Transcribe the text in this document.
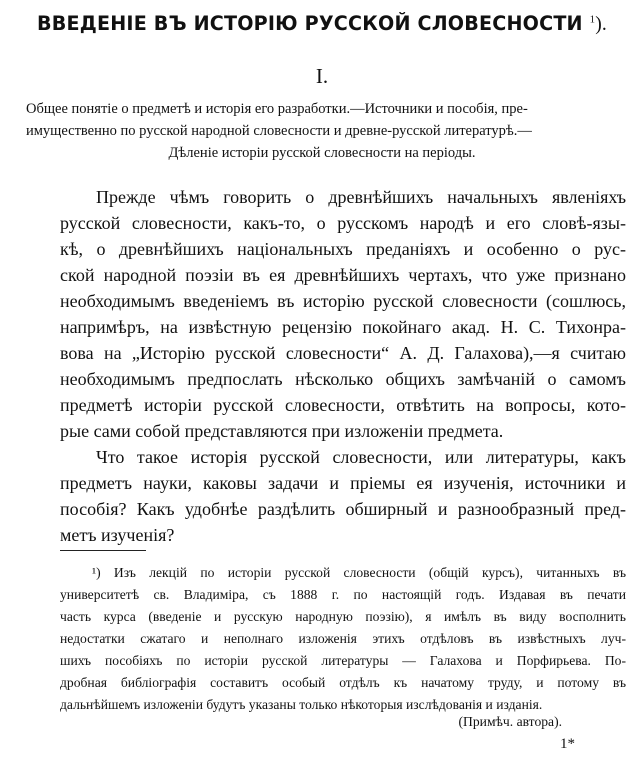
ВВЕДЕНІЕ ВЪ ИСТОРІЮ РУССКОЙ СЛОВЕСНОСТИ $^1$).
I.
Общее понятіе о предметѣ и исторія его разработки.—Источники и пособія, пре-
имущественно по русской народной словесности и древне-русской литературѣ.—
Дѣленіе исторіи русской словесности на періоды.
Прежде чѣмъ говорить о древнѣйшихъ начальныхъ явленіяхъ
русской словесности, какъ-то, о русскомъ народѣ и его словѣ-язы-
кѣ, о древнѣйшихъ національныхъ преданіяхъ и особенно о рус-
ской народной поэзіи въ ея древнѣйшихъ чертахъ, что уже признано
необходимымъ введеніемъ въ исторію русской словесности (сошлюсь,
напримѣръ, на извѣстную рецензію покойнаго акад. Н. С. Тихонра-
вова на „Исторію русской словесности“ А. Д. Галахова),—я считаю
необходимымъ предпослать нѣсколько общихъ замѣчаній о самомъ
предметѣ исторіи русской словесности, отвѣтить на вопросы, кото-
рые сами собой представляются при изложеніи предмета.
Что такое исторія русской словесности, или литературы, какъ
предметъ науки, каковы задачи и пріемы ея изученія, источники и
пособія? Какъ удобнѣе раздѣлить обширный и разнообразный пред-
метъ изученія?
¹) Изъ лекцій по исторіи русской словесности (общій курсъ), читанныхъ въ
университетѣ св. Владиміра, съ 1888 г. по настоящій годъ. Издавая въ печати
часть курса (введеніе и русскую народную поэзію), я имѣлъ въ виду восполнить
недостатки сжатаго и неполнаго изложенія этихъ отдѣловъ въ извѣстныхъ луч-
шихъ пособіяхъ по исторіи русской литературы — Галахова и Порфирьева. По-
дробная библіографія составитъ особый отдѣлъ къ начатому труду, и потому въ
дальнѣйшемъ изложеніи будутъ указаны только нѣкоторыя изслѣдованія и изданія.
(Примѣч. автора).
1*
